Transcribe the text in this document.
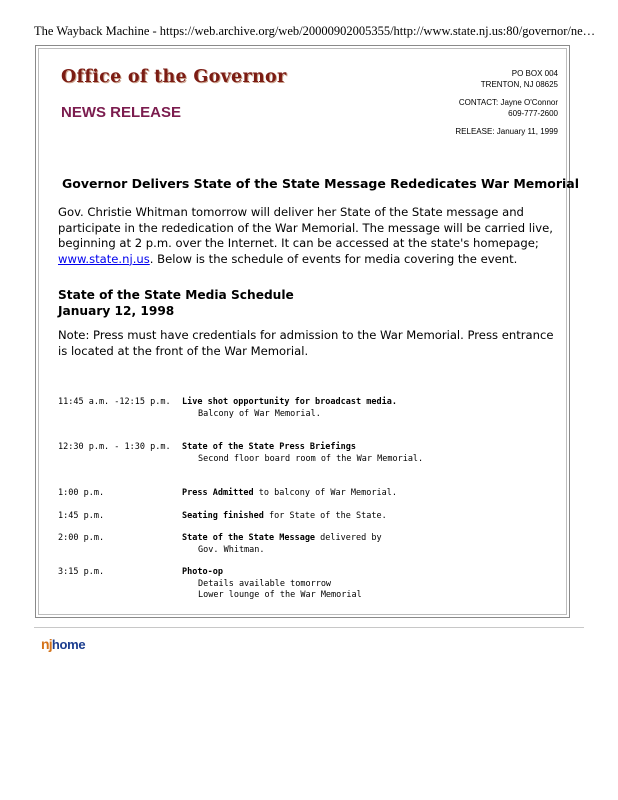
The Wayback Machine - https://web.archive.org/web/20000902005355/http://www.state.nj.us:80/governor/ne…
Office of the Governor
NEWS RELEASE
PO BOX 004
TRENTON, NJ 08625
CONTACT: Jayne O'Connor
609-777-2600
RELEASE: January 11, 1999
Governor Delivers State of the State Message Rededicates War Memorial
Gov. Christie Whitman tomorrow will deliver her State of the State message and participate in the rededication of the War Memorial. The message will be carried live, beginning at 2 p.m. over the Internet. It can be accessed at the state's homepage; www.state.nj.us. Below is the schedule of events for media covering the event.
State of the State Media Schedule
January 12, 1998
Note: Press must have credentials for admission to the War Memorial. Press entrance is located at the front of the War Memorial.
11:45 a.m. -12:15 p.m. Live shot opportunity for broadcast media.
Balcony of War Memorial.
12:30 p.m. - 1:30 p.m. State of the State Press Briefings
Second floor board room of the War Memorial.
1:00 p.m.	Press Admitted to balcony of War Memorial.
1:45 p.m.	Seating finished for State of the State.
2:00 p.m.	State of the State Message delivered by
Gov. Whitman.
3:15 p.m.	Photo-op
Details available tomorrow
Lower lounge of the War Memorial
njhome
